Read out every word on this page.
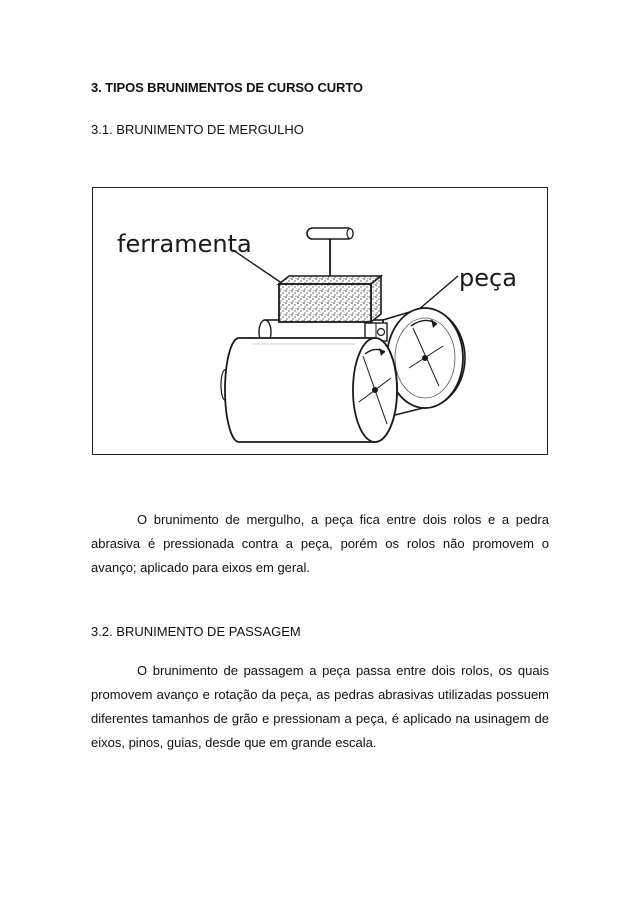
3. TIPOS BRUNIMENTOS DE CURSO CURTO
3.1. BRUNIMENTO DE MERGULHO
ferramenta
peça

O brunimento de mergulho, a peça fica entre dois rolos e a pedra abrasiva é pressionada contra a peça, porém os rolos não promovem o avanço; aplicado para eixos em geral.

3.2. BRUNIMENTO DE PASSAGEM

O brunimento de passagem a peça passa entre dois rolos, os quais promovem avanço e rotação da peça, as pedras abrasivas utilizadas possuem diferentes tamanhos de grão e pressionam a peça, é aplicado na usinagem de eixos, pinos, guias, desde que em grande escala.
